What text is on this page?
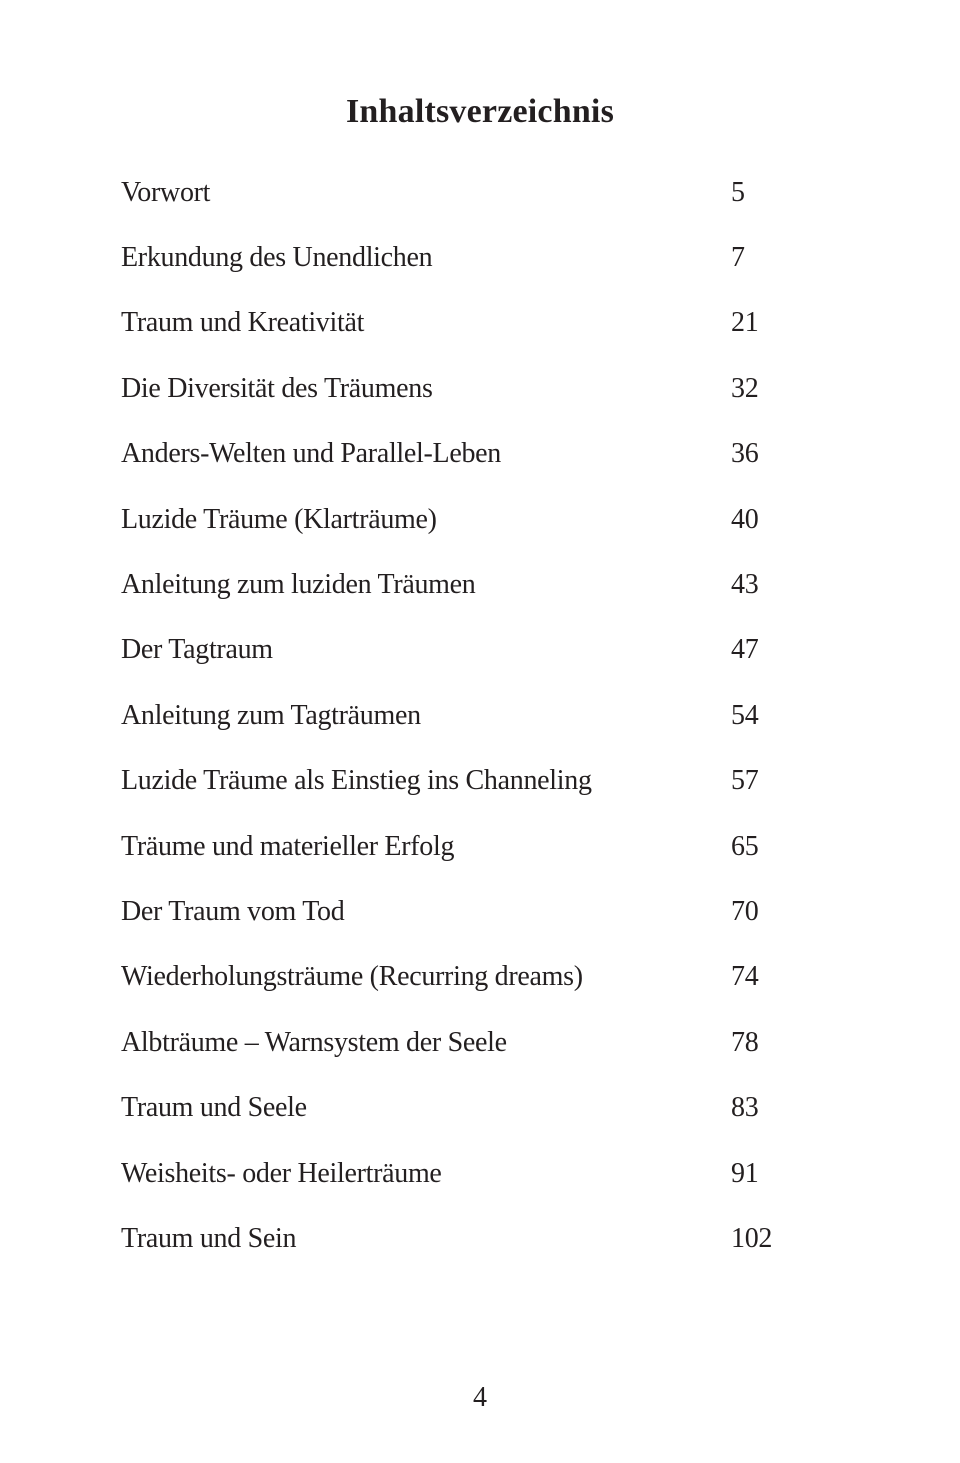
Inhaltsverzeichnis
Vorwort	5
Erkundung des Unendlichen	7
Traum und Kreativität	21
Die Diversität des Träumens	32
Anders-Welten und Parallel-Leben	36
Luzide Träume (Klarträume)	40
Anleitung zum luziden Träumen	43
Der Tagtraum	47
Anleitung zum Tagträumen	54
Luzide Träume als Einstieg ins Channeling	57
Träume und materieller Erfolg	65
Der Traum vom Tod	70
Wiederholungsträume (Recurring dreams)	74
Albträume – Warnsystem der Seele	78
Traum und Seele	83
Weisheits- oder Heilerträume	91
Traum und Sein	102
4
